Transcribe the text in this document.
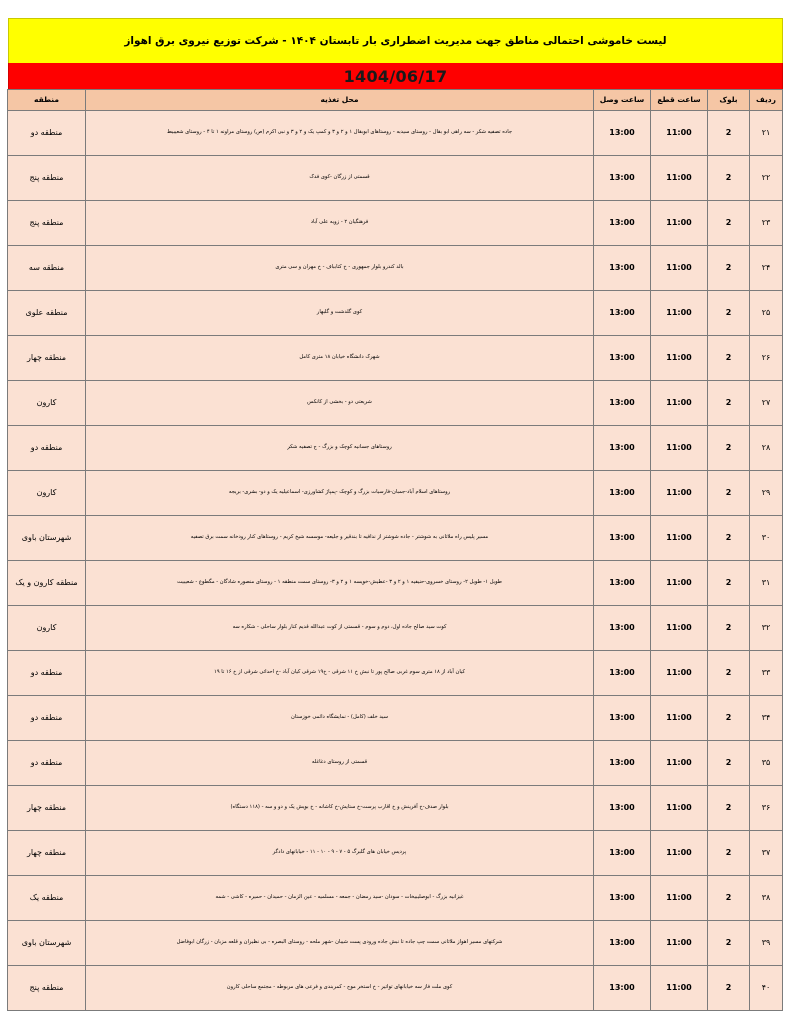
لیست خاموشی احتمالی مناطق جهت مدیریت اضطراری بار تابستان ۱۴۰۴ - شرکت توزیع نیروی برق اهواز
1404/06/17
ردیف	بلوک	ساعت قطع	ساعت وصل	محل تغذیه	منطقه
۲۱	2	11:00	13:00	جاده تصفیه شکر - سه راهی ابو بقال - روستای سیدبه - روستاهای ابوبقال ۱ و ۲ و ۳ و کمپ یک و ۲ و ۳ و نبی اکرم (ص) روستای مراونه ۱ تا ۴ - روستای شعیبیط	منطقه دو
۲۲	2	11:00	13:00	قسمتی از زرگان -کوی فدک	منطقه پنج
۲۳	2	11:00	13:00	فرهنگیان ۲ - زویه علی آباد	منطقه پنج
۲۴	2	11:00	13:00	بالد کندرو بلوار جمهوری - خ کتابباف - خ مهران و سی متری	منطقه سه
۲۵	2	11:00	13:00	کوی گلدشت و گلبهار	منطقه علوی
۲۶	2	11:00	13:00	شهرک دانشگاه خیابان ۱۸ متری کامل	منطقه چهار
۲۷	2	11:00	13:00	شریعتی دو - بخشی از کانکس	کارون
۲۸	2	11:00	13:00	روستاهای جسانیه کوچک و بزرگ - ج تصفیه شکر	منطقه دو
۲۹	2	11:00	13:00	روستاهای اسلام آباد-جمبان-فارسیات بزرگ و کوچک -پمپاژ کشاورزی- اسماعیلیه یک و دو- بشری- بریجه	کارون
۳۰	2	11:00	13:00	مسیر پلیس راه ملاثانی به شوشتر - جاده شوشتر از ندافیه تا بندقیر و جلیعه- موسسه شیخ کریم - روستاهای کنار رودخانه سمت برق تصفیه	شهرستان باوی
۳۱	2	11:00	13:00	طویل ۱- طویل ۲- روستای خسروی-حنیفیه ۱ و ۲ و ۳ -عطیش-خویسه ۱ و ۲ و ۳- روستای سمت منطقه ۱ - روستای منصوره شادگان - مگطوع - شعیبیت	منطقه کارون و یک
۳۲	2	11:00	13:00	کوت سید صالح جاده اول، دوم و سوم - قسمتی از کوت عبدالله قدیم کنار بلوار ساحلی - شکاره سه	کارون
۳۳	2	11:00	13:00	کیان آباد از ۱۸ متری سوم غربی صالح پور تا نبش خ ۱۱ شرقی - خ۱۹ شرقی کیان آباد -خ احداثی شرقی از خ ۱۶ تا ۱۹	منطقه دو
۳۴	2	11:00	13:00	سید خلف (کامل) - نمایشگاه دائمی خوزستان	منطقه دو
۳۵	2	11:00	13:00	قسمتی از روستای دغاغله	منطقه دو
۳۶	2	11:00	13:00	بلوار صدف-خ آفرینش و خ اقارب پرست-خ ستایش-خ کاشانه - خ بویش یک و دو و سه - (۱۱۸ دستگاه)	منطقه چهار
۳۷	2	11:00	13:00	پردیس خیابان های گلبرگ ۵ - ۷ - ۹ - ۱۰ - ۱۱ - خیابانهای دادگر	منطقه چهار
۳۸	2	11:00	13:00	غیزانیه بزرگ - ابوصلیبیخات - سودان -سید رمضان - جمعه - مسلمیه - عین الزمان - حمیدان - حمیره - کاشی - شمه	منطقه یک
۳۹	2	11:00	13:00	شرکتهای مسیر اهواز ملاثانی سمت چپ جاده تا نبش جاده ورودی پست شیبان -شهر ملحه - روستای البصره - بی نظیران و قلعه مزبان - زرگان ابوفاضل	شهرستان باوی
۴۰	2	11:00	13:00	کوی ملت فاز سه خیابانهای تواتیر - خ استخر موج - کمربندی و فرعی های مربوطه - مجتمع ساحلی کارون	منطقه پنج
